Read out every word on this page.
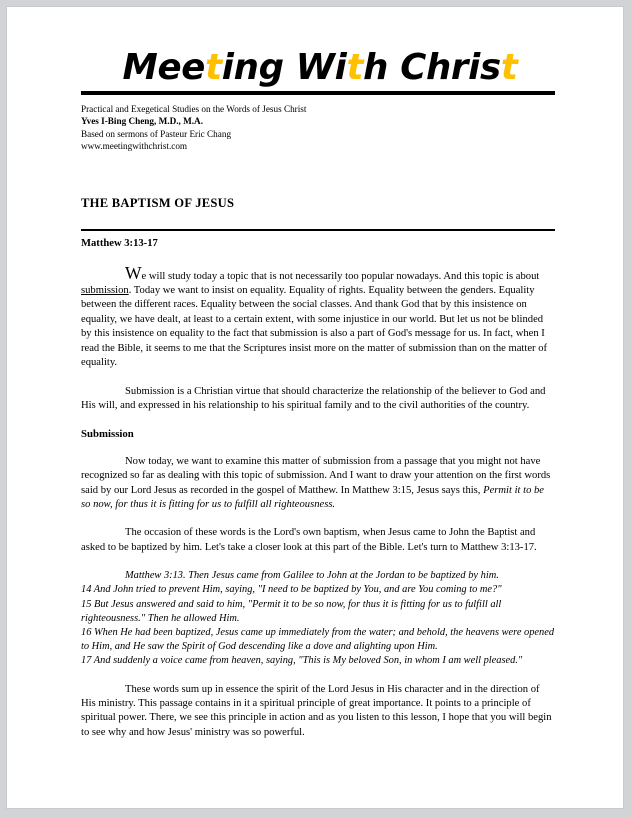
Meeting With Christ
Practical and Exegetical Studies on the Words of Jesus Christ
Yves I-Bing Cheng, M.D., M.A.
Based on sermons of Pasteur Eric Chang
www.meetingwithchrist.com
THE BAPTISM OF JESUS
Matthew 3:13-17

We will study today a topic that is not necessarily too popular nowadays. And this topic is about submission. Today we want to insist on equality. Equality of rights. Equality between the genders. Equality between the different races. Equality between the social classes. And thank God that by this insistence on equality, we have dealt, at least to a certain extent, with some injustice in our world. But let us not be blinded by this insistence on equality to the fact that submission is also a part of God's message for us. In fact, when I read the Bible, it seems to me that the Scriptures insist more on the matter of submission than on the matter of equality.

Submission is a Christian virtue that should characterize the relationship of the believer to God and His will, and expressed in his relationship to his spiritual family and to the civil authorities of the country.

Submission

Now today, we want to examine this matter of submission from a passage that you might not have recognized so far as dealing with this topic of submission. And I want to draw your attention on the first words said by our Lord Jesus as recorded in the gospel of Matthew. In Matthew 3:15, Jesus says this, Permit it to be so now, for thus it is fitting for us to fulfill all righteousness.

The occasion of these words is the Lord's own baptism, when Jesus came to John the Baptist and asked to be baptized by him. Let's take a closer look at this part of the Bible. Let's turn to Matthew 3:13-17.

Matthew 3:13. Then Jesus came from Galilee to John at the Jordan to be baptized by him.
14 And John tried to prevent Him, saying, "I need to be baptized by You, and are You coming to me?"
15 But Jesus answered and said to him, "Permit it to be so now, for thus it is fitting for us to fulfill all righteousness." Then he allowed Him.
16 When He had been baptized, Jesus came up immediately from the water; and behold, the heavens were opened to Him, and He saw the Spirit of God descending like a dove and alighting upon Him.
17 And suddenly a voice came from heaven, saying, "This is My beloved Son, in whom I am well pleased."

These words sum up in essence the spirit of the Lord Jesus in His character and in the direction of His ministry. This passage contains in it a spiritual principle of great importance. It points to a principle of spiritual power. There, we see this principle in action and as you listen to this lesson, I hope that you will begin to see why and how Jesus' ministry was so powerful.
